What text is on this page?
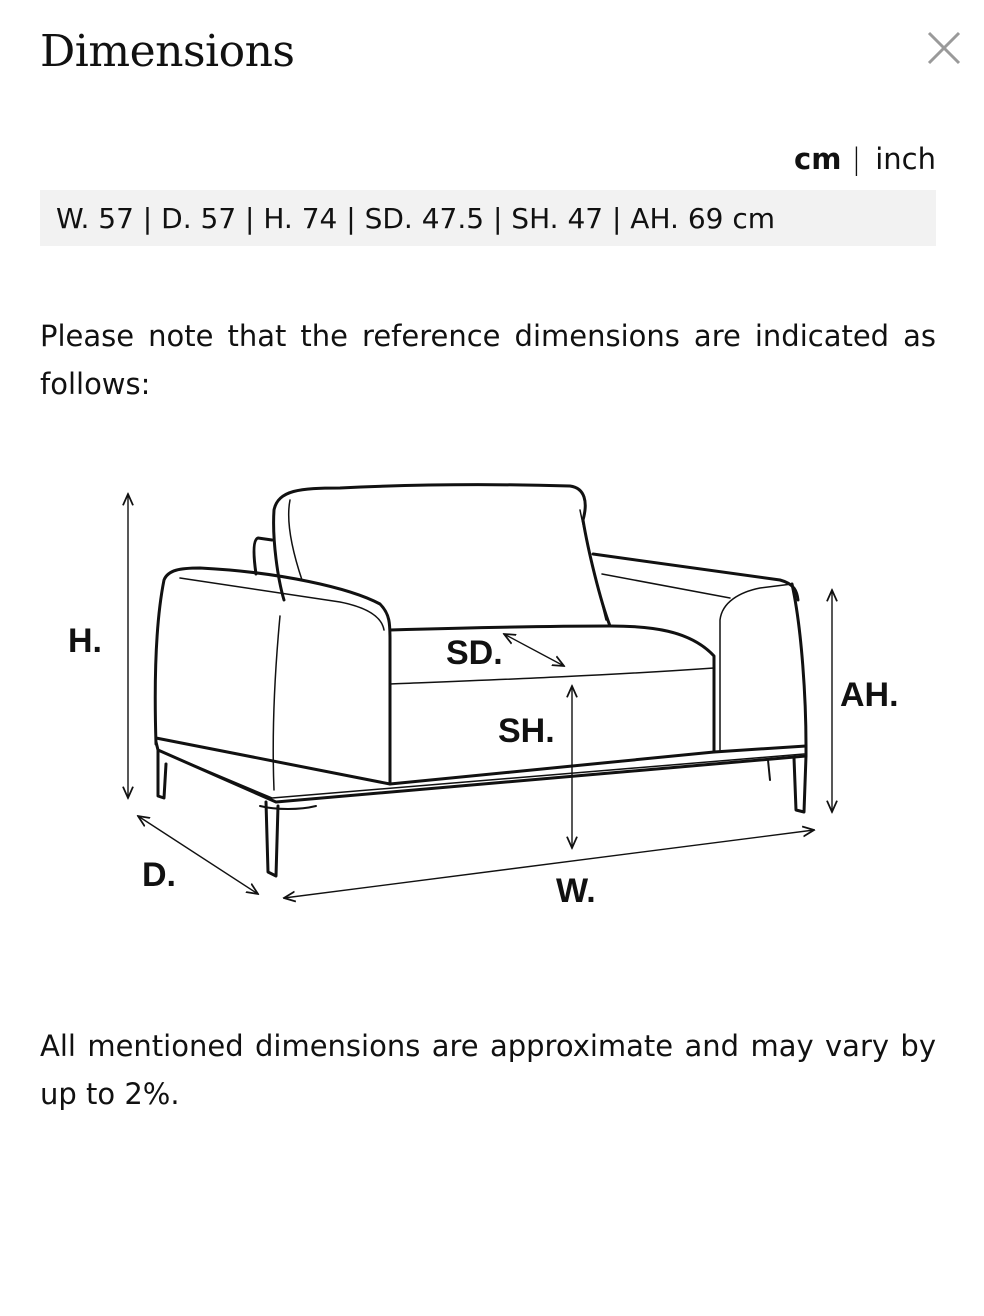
Dimensions
cm | inch
W. 57 | D. 57 | H. 74 | SD. 47.5 | SH. 47 | AH. 69 cm

Please note that the reference dimensions are indicated as follows:

H.	SD.
SH.
AH.
D.	W.

All mentioned dimensions are approximate and may vary by up to 2%.
